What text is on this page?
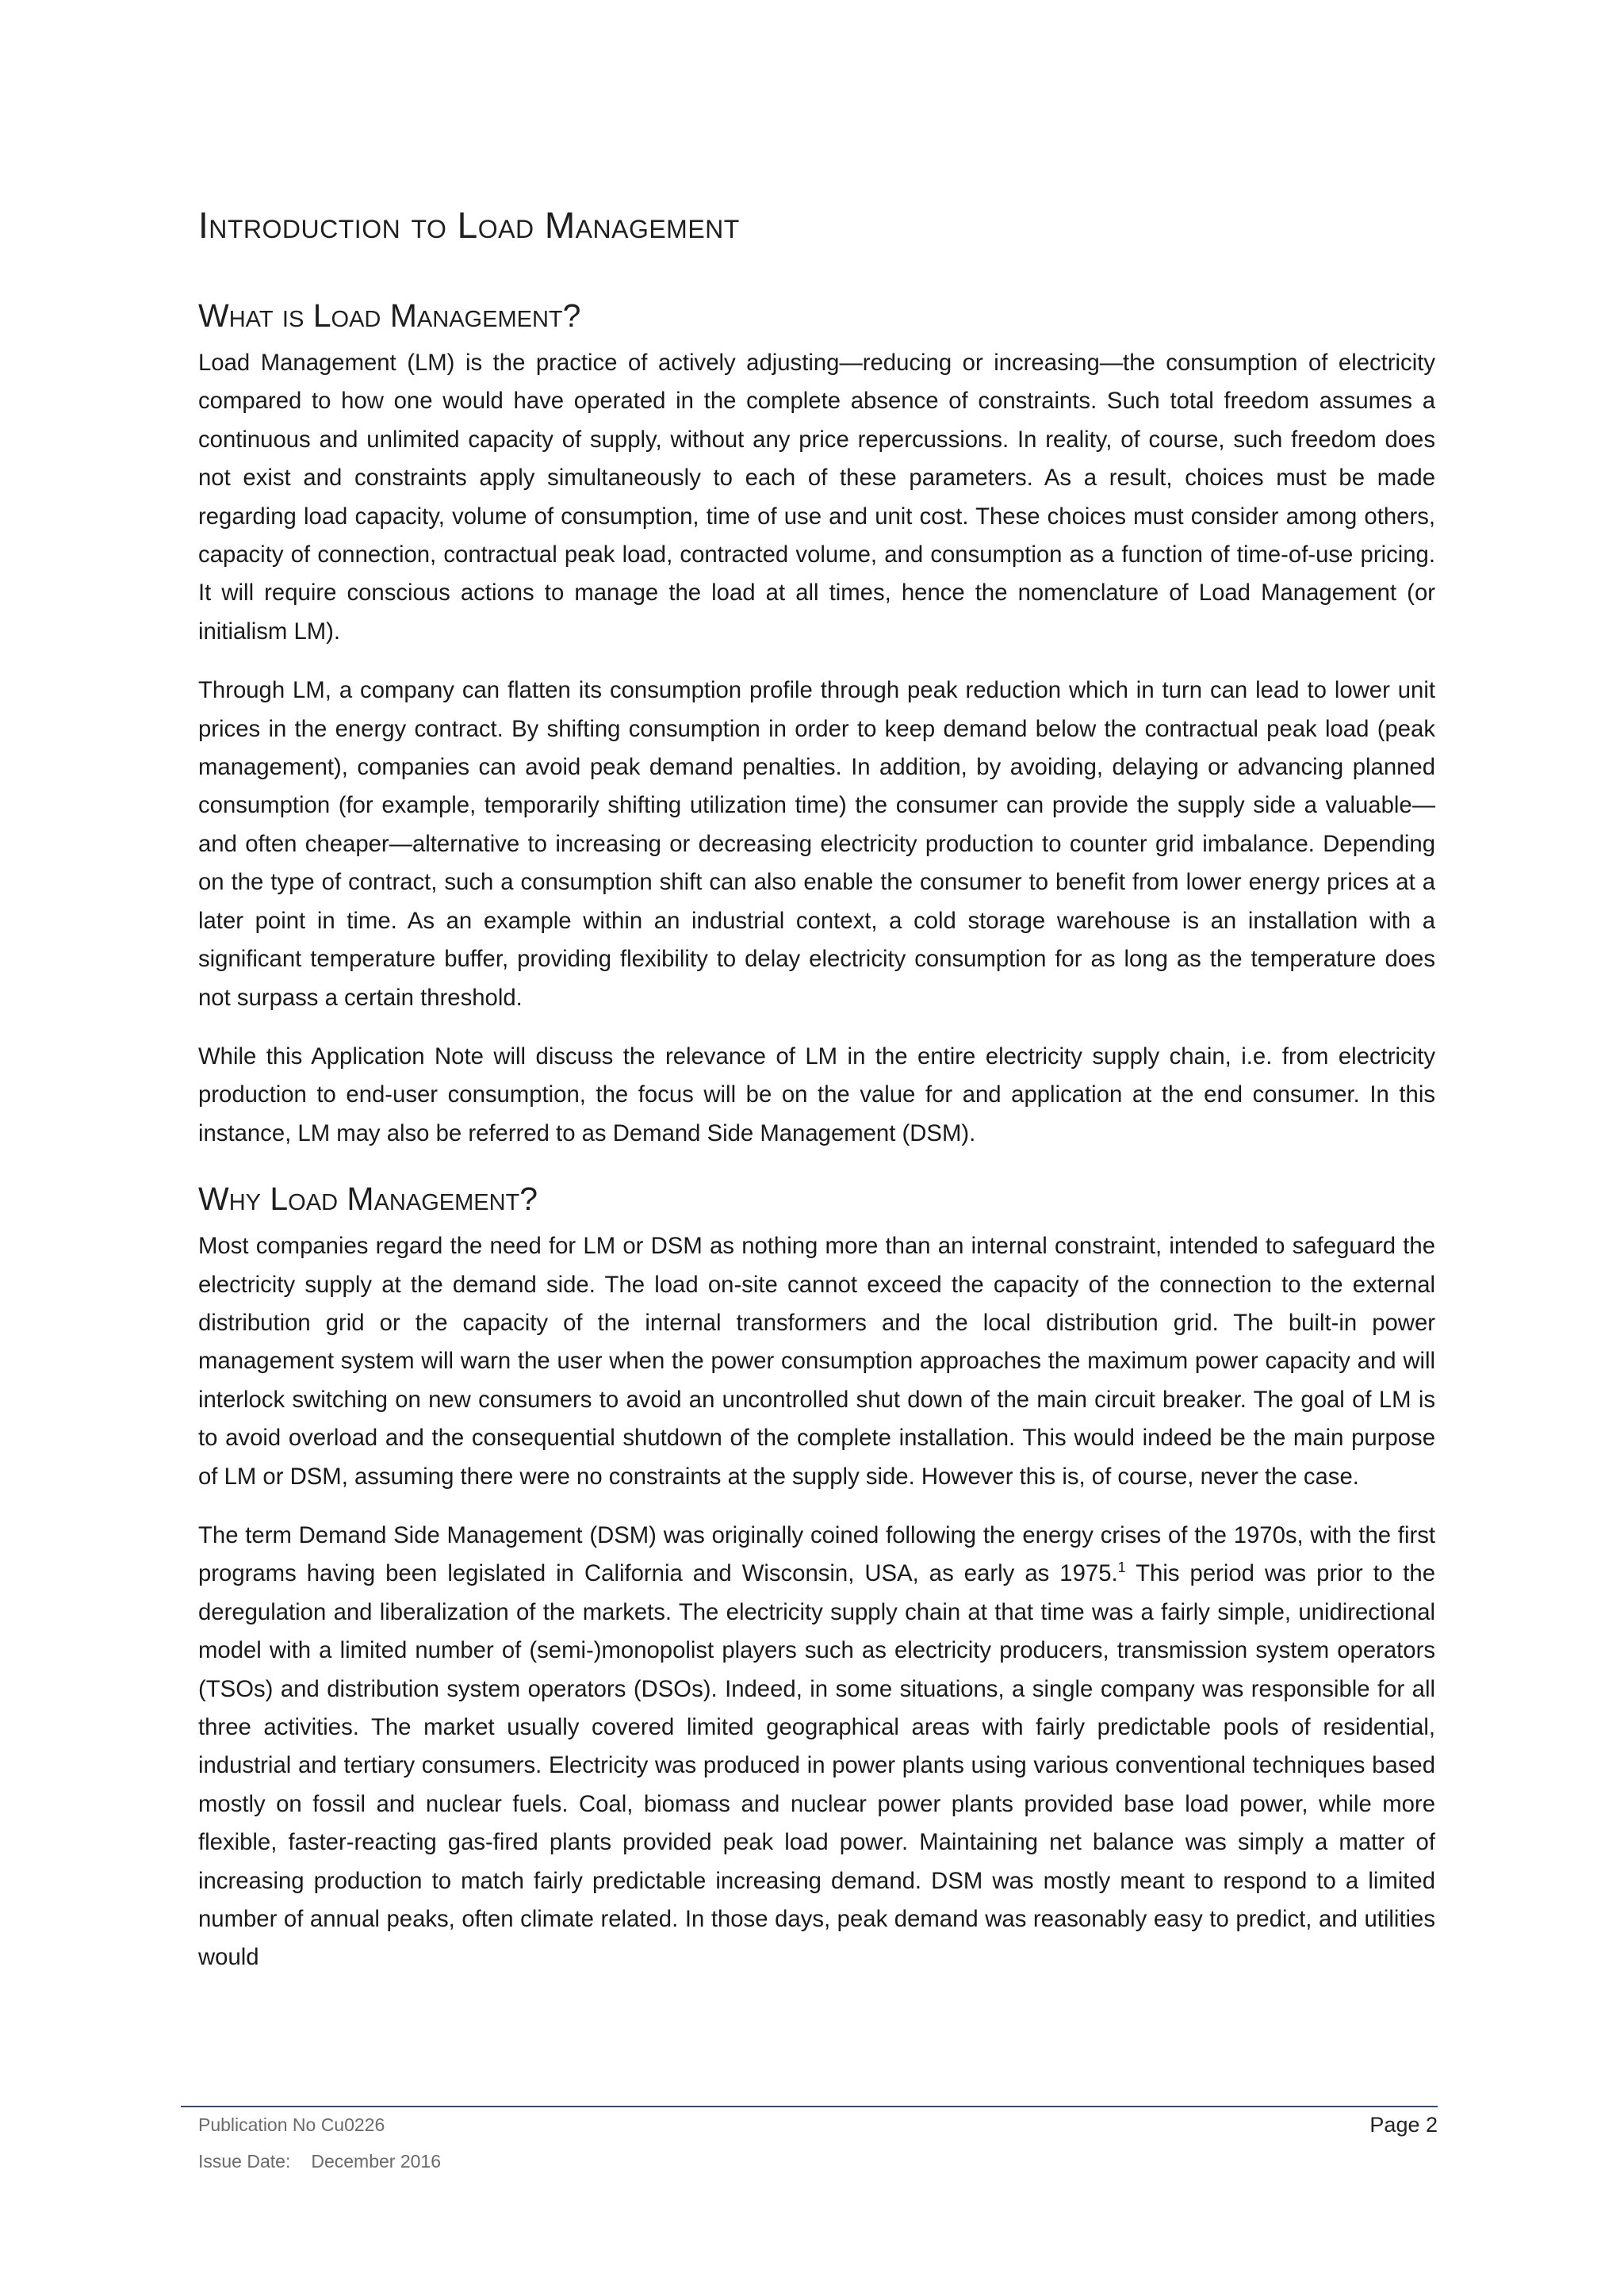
Introduction to Load Management
What is Load Management?

Load Management (LM) is the practice of actively adjusting—reducing or increasing—the consumption of electricity compared to how one would have operated in the complete absence of constraints. Such total freedom assumes a continuous and unlimited capacity of supply, without any price repercussions. In reality, of course, such freedom does not exist and constraints apply simultaneously to each of these parameters. As a result, choices must be made regarding load capacity, volume of consumption, time of use and unit cost. These choices must consider among others, capacity of connection, contractual peak load, contracted volume, and consumption as a function of time-of-use pricing. It will require conscious actions to manage the load at all times, hence the nomenclature of Load Management (or initialism LM).

Through LM, a company can flatten its consumption profile through peak reduction which in turn can lead to lower unit prices in the energy contract. By shifting consumption in order to keep demand below the contractual peak load (peak management), companies can avoid peak demand penalties. In addition, by avoiding, delaying or advancing planned consumption (for example, temporarily shifting utilization time) the consumer can provide the supply side a valuable—and often cheaper—alternative to increasing or decreasing electricity production to counter grid imbalance. Depending on the type of contract, such a consumption shift can also enable the consumer to benefit from lower energy prices at a later point in time. As an example within an industrial context, a cold storage warehouse is an installation with a significant temperature buffer, providing flexibility to delay electricity consumption for as long as the temperature does not surpass a certain threshold.

While this Application Note will discuss the relevance of LM in the entire electricity supply chain, i.e. from electricity production to end-user consumption, the focus will be on the value for and application at the end consumer. In this instance, LM may also be referred to as Demand Side Management (DSM).

Why Load Management?

Most companies regard the need for LM or DSM as nothing more than an internal constraint, intended to safeguard the electricity supply at the demand side. The load on-site cannot exceed the capacity of the connection to the external distribution grid or the capacity of the internal transformers and the local distribution grid. The built-in power management system will warn the user when the power consumption approaches the maximum power capacity and will interlock switching on new consumers to avoid an uncontrolled shut down of the main circuit breaker. The goal of LM is to avoid overload and the consequential shutdown of the complete installation. This would indeed be the main purpose of LM or DSM, assuming there were no constraints at the supply side. However this is, of course, never the case.

The term Demand Side Management (DSM) was originally coined following the energy crises of the 1970s, with the first programs having been legislated in California and Wisconsin, USA, as early as 1975.$^1$ This period was prior to the deregulation and liberalization of the markets. The electricity supply chain at that time was a fairly simple, unidirectional model with a limited number of (semi-)monopolist players such as electricity producers, transmission system operators (TSOs) and distribution system operators (DSOs). Indeed, in some situations, a single company was responsible for all three activities. The market usually covered limited geographical areas with fairly predictable pools of residential, industrial and tertiary consumers. Electricity was produced in power plants using various conventional techniques based mostly on fossil and nuclear fuels. Coal, biomass and nuclear power plants provided base load power, while more flexible, faster-reacting gas-fired plants provided peak load power. Maintaining net balance was simply a matter of increasing production to match fairly predictable increasing demand. DSM was mostly meant to respond to a limited number of annual peaks, often climate related. In those days, peak demand was reasonably easy to predict, and utilities would

Publication No Cu0226	Page 2
Issue Date: December 2016
